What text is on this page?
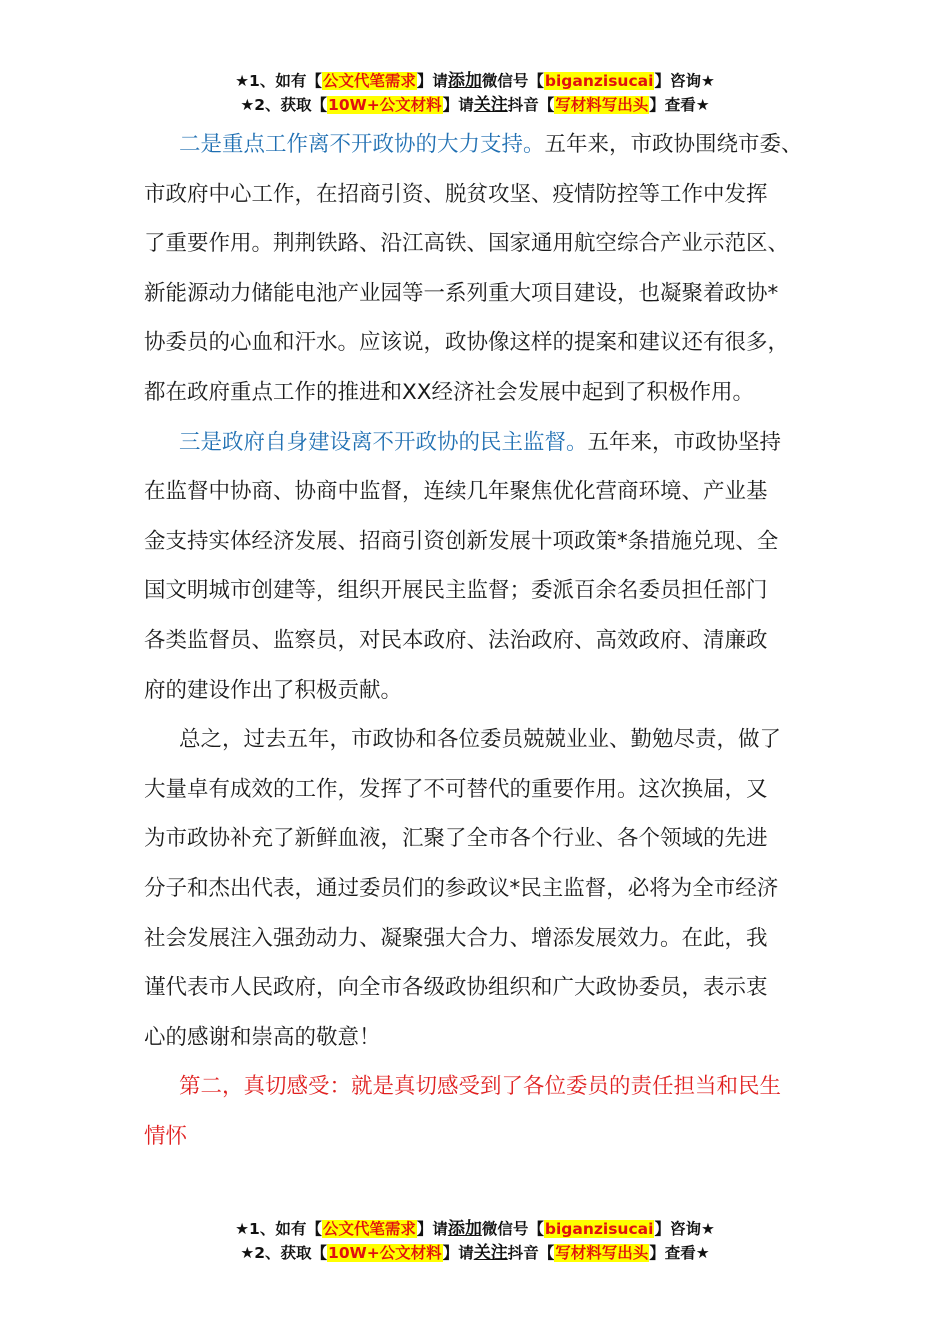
★1、如有【公文代笔需求】请添加微信号【biganzisucai】咨询★
★2、获取【10W+公文材料】请关注抖音【写材料写出头】查看★

二是重点工作离不开政协的大力支持。五年来，市政协围绕市委、
市政府中心工作，在招商引资、脱贫攻坚、疫情防控等工作中发挥
了重要作用。荆荆铁路、沿江高铁、国家通用航空综合产业示范区、
新能源动力储能电池产业园等一系列重大项目建设，也凝聚着政协*
协委员的心血和汗水。应该说，政协像这样的提案和建议还有很多，
都在政府重点工作的推进和XX经济社会发展中起到了积极作用。

三是政府自身建设离不开政协的民主监督。五年来，市政协坚持
在监督中协商、协商中监督，连续几年聚焦优化营商环境、产业基
金支持实体经济发展、招商引资创新发展十项政策*条措施兑现、全
国文明城市创建等，组织开展民主监督；委派百余名委员担任部门
各类监督员、监察员，对民本政府、法治政府、高效政府、清廉政
府的建设作出了积极贡献。

总之，过去五年，市政协和各位委员兢兢业业、勤勉尽责，做了
大量卓有成效的工作，发挥了不可替代的重要作用。这次换届，又
为市政协补充了新鲜血液，汇聚了全市各个行业、各个领域的先进
分子和杰出代表，通过委员们的参政议*民主监督，必将为全市经济
社会发展注入强劲动力、凝聚强大合力、增添发展效力。在此，我
谨代表市人民政府，向全市各级政协组织和广大政协委员，表示衷
心的感谢和崇高的敬意！

第二，真切感受：就是真切感受到了各位委员的责任担当和民生
情怀

★1、如有【公文代笔需求】请添加微信号【biganzisucai】咨询★
★2、获取【10W+公文材料】请关注抖音【写材料写出头】查看★
